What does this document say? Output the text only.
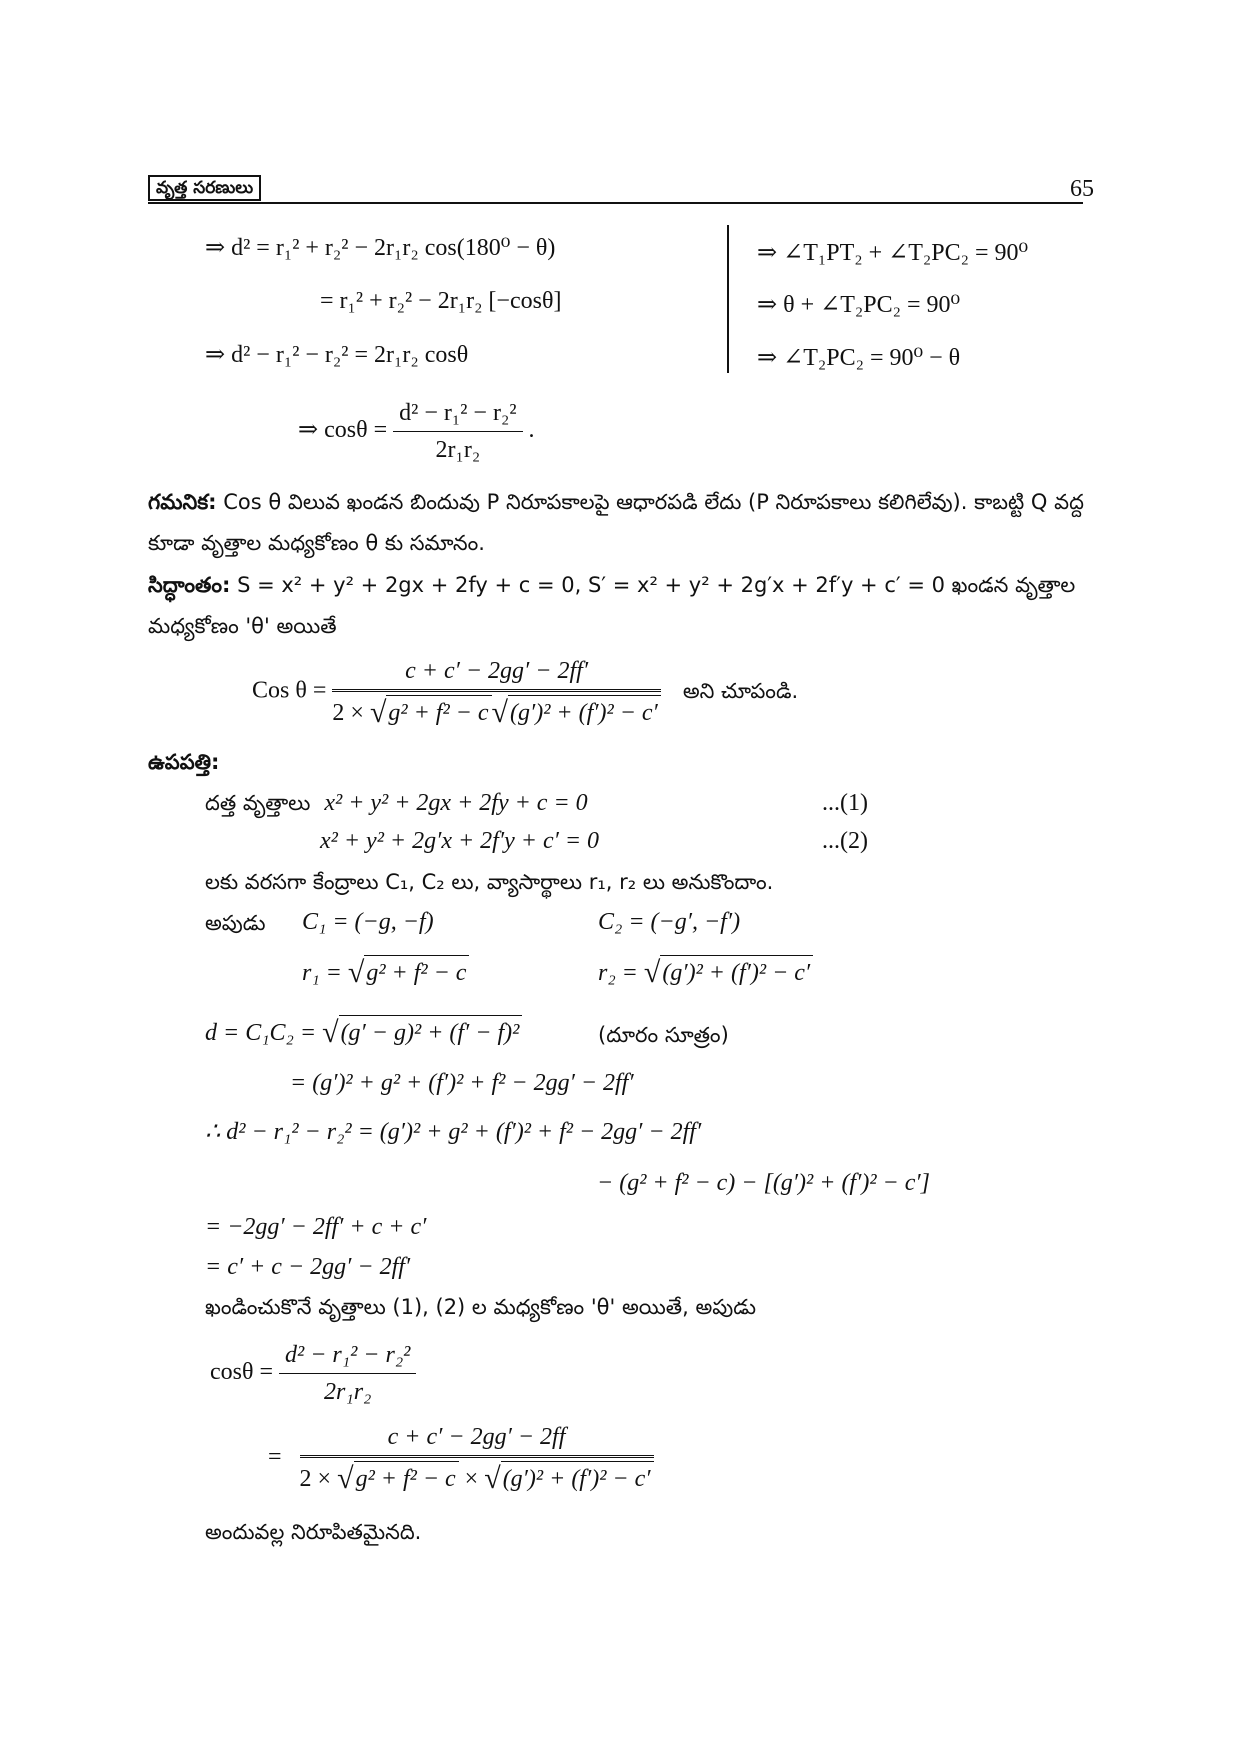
వృత్త సరణులు	65
⇒ d² = r₁² + r₂² − 2r₁r₂ cos(180⁰ − θ)
= r₁² + r₂² − 2r₁r₂ [−cosθ]
⇒ d² − r₁² − r₂² = 2r₁r₂ cosθ
⇒ $\cos\theta = \frac{\text{d² − r₁² − r₂²}}{\text{2r₁r₂}}$ .
⇒ ∠T₁PT₂ + ∠T₂PC₂ = 90⁰
⇒ θ + ∠T₂PC₂ = 90⁰
⇒ ∠T₂PC₂ = 90⁰ − θ
గమనిక: Cos θ విలువ ఖండన బిందువు P నిరూపకాలపై ఆధారపడి లేదు (P నిరూపకాలు కలిగిలేవు). కాబట్టి Q వద్ద
కూడా వృత్తాల మధ్యకోణం θ కు సమానం.
సిద్ధాంతం: S = x² + y² + 2gx + 2fy + c = 0, S′ = x² + y² + 2g′x + 2f′y + c′ = 0 ఖండన వృత్తాల
మధ్యకోణం 'θ' అయితే
Cos $\theta = \frac{c + c' - 2gg' - 2ff'}{\text{2 × √g² + f² − c √(g′)² + (f′)² − c′}}$ అని చూపండి.
ఉపపత్తి:
దత్త వృత్తాలు x² + y² + 2gx + 2fy + c = 0	...(1)
x² + y² + 2g′x + 2f′y + c′ = 0	...(2)
లకు వరసగా కేంద్రాలు C₁, C₂ లు, వ్యాసార్థాలు r₁, r₂ లు అనుకొందాం.
అపుడు C₁ = (−g, −f)	C₂ = (−g′, −f′)
r₁ = √g² + f² − c	r₂ = √(g′)² + (f′)² − c′
d = C₁C₂ = √(g′ − g)² + (f′ − f)²	(దూరం సూత్రం)
= (g′)² + g² + (f′)² + f² − 2gg′ − 2ff′
∴ d² − r₁² − r₂² = (g′)² + g² + (f′)² + f² − 2gg′ − 2ff′
− (g² + f² − c) − [(g′)² + (f′)² − c′]
= −2gg′ − 2ff′ + c + c′
= c′ + c − 2gg′ − 2ff′
ఖండించుకొనే వృత్తాలు (1), (2) ల మధ్యకోణం 'θ' అయితే, అపుడు
$\cos\theta = \frac{\text{d² − r₁² − r₂²}}{\text{2r₁r₂}}$
= $\frac{c + c' - 2gg' - 2ff}{\text{2 × √g² + f² − c × √(g′)² + (f′)² − c′}}$
అందువల్ల నిరూపితమైనది.
